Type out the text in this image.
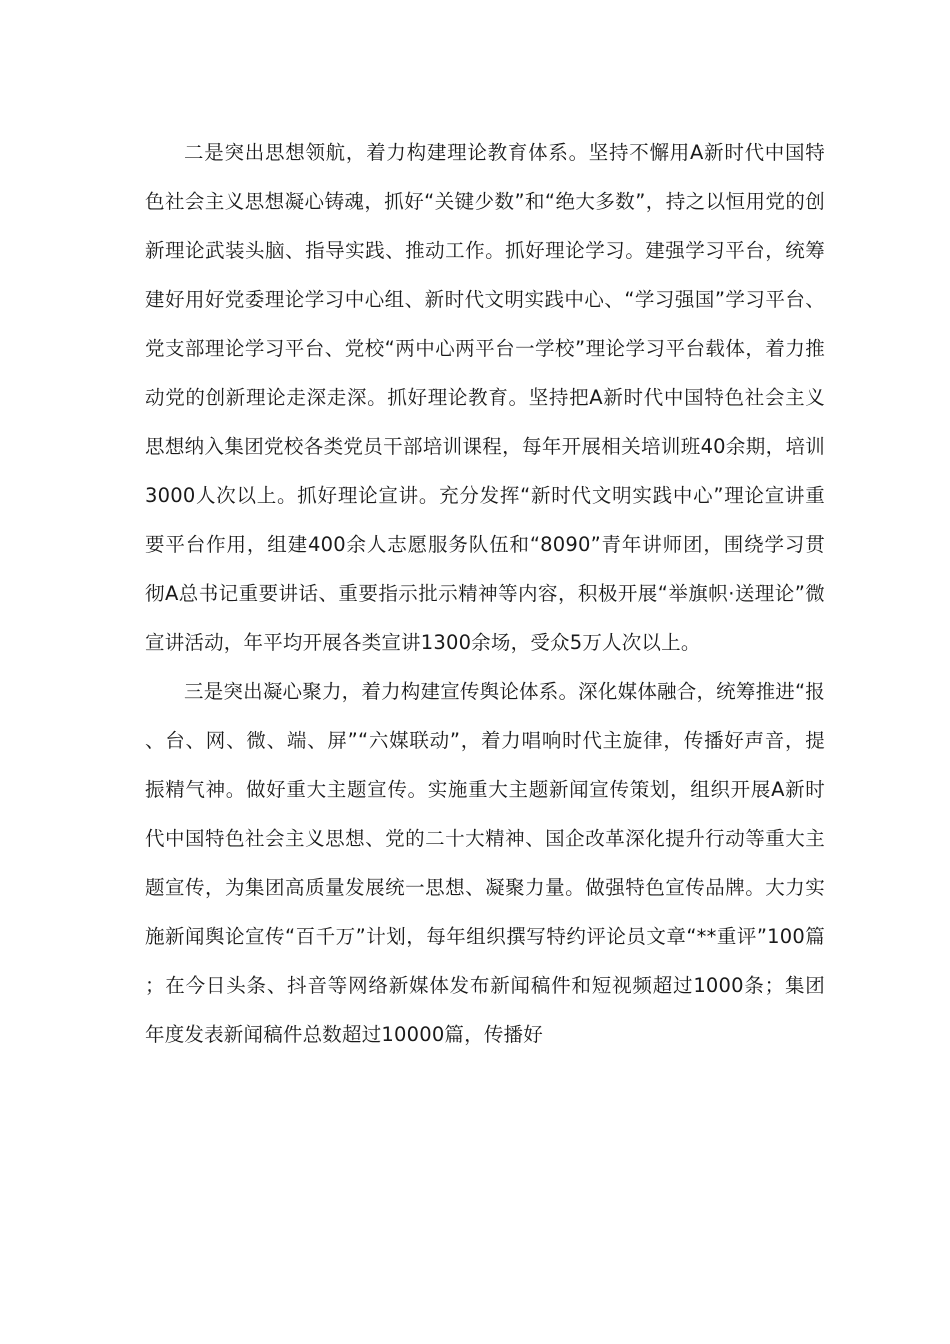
二是突出思想领航，着力构建理论教育体系。坚持不懈用A新时代中国特色社会主义思想凝心铸魂，抓好“关键少数”和“绝大多数”，持之以恒用党的创新理论武装头脑、指导实践、推动工作。抓好理论学习。建强学习平台，统筹建好用好党委理论学习中心组、新时代文明实践中心、“学习强国”学习平台、党支部理论学习平台、党校“两中心两平台一学校”理论学习平台载体，着力推动党的创新理论走深走深。抓好理论教育。坚持把A新时代中国特色社会主义思想纳入集团党校各类党员干部培训课程，每年开展相关培训班40余期，培训3000人次以上。抓好理论宣讲。充分发挥“新时代文明实践中心”理论宣讲重要平台作用，组建400余人志愿服务队伍和“8090”青年讲师团，围绕学习贯彻A总书记重要讲话、重要指示批示精神等内容，积极开展“举旗帜·送理论”微宣讲活动，年平均开展各类宣讲1300余场，受众5万人次以上。

三是突出凝心聚力，着力构建宣传舆论体系。深化媒体融合，统筹推进“报、台、网、微、端、屏”“六媒联动”，着力唱响时代主旋律，传播好声音，提振精气神。做好重大主题宣传。实施重大主题新闻宣传策划，组织开展A新时代中国特色社会主义思想、党的二十大精神、国企改革深化提升行动等重大主题宣传，为集团高质量发展统一思想、凝聚力量。做强特色宣传品牌。大力实施新闻舆论宣传“百千万”计划，每年组织撰写特约评论员文章“**重评”100篇；在今日头条、抖音等网络新媒体发布新闻稿件和短视频超过1000条；集团年度发表新闻稿件总数超过10000篇，传播好
